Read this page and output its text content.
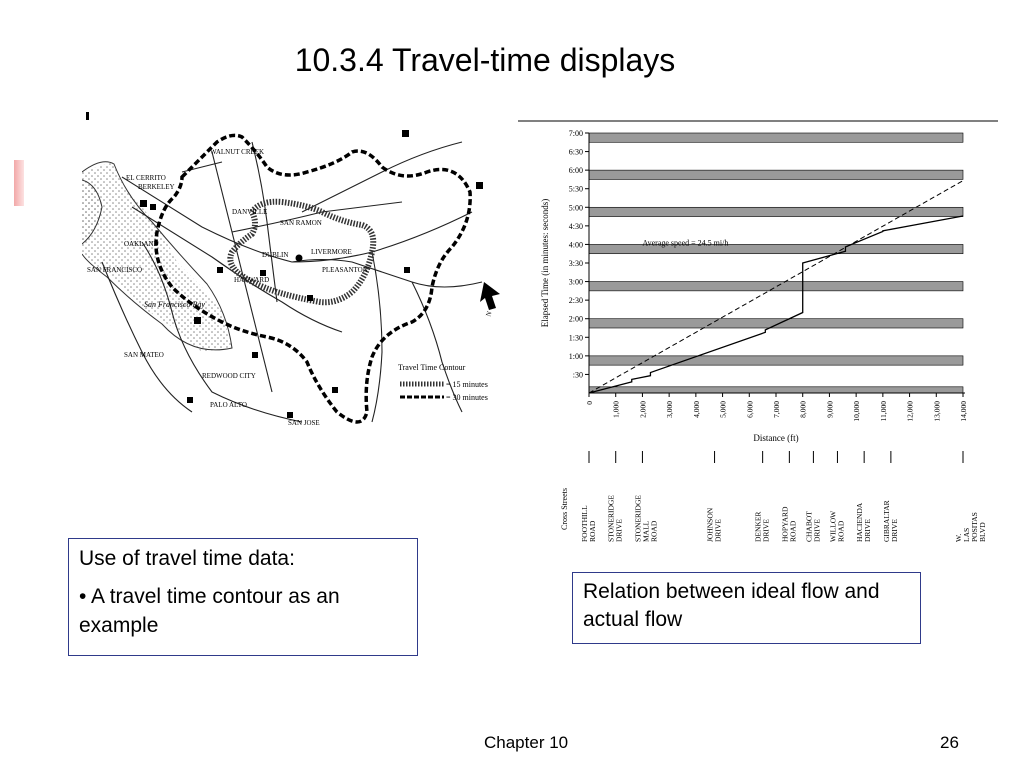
10.3.4 Travel-time displays
WALNUT CREEK
EL CERRITO
BERKELEY
DANVILLE
SAN RAMON
OAKLAND
DUBLIN	LIVERMORE
SAN FRANCISCO	PLEASANTON
HAYWARD
San Francisco Bay
SAN MATEO
REDWOOD CITY
PALO ALTO
SAN JOSE
N
Travel Time Contour
= 15 minutes
= 30 minutes
:30
1:00
1:30
2:00
2:30
3:00
3:30
4:00
4:30
5:00
5:30
6:00
6:30
7:00
0 1,000 2,000 3,000 4,000 5,000 6,000 7,000 8,000 9,000 10,000 11,000 12,000 13,000 14,000
Elapsed Time (in minutes: seconds)
Distance (ft)
Average speed = 24.5 mi/h
Cross Streets FOOTHILL ROAD STONERIDGE DRIVE STONERIDGE MALL ROAD	JOHNSON DRIVE	DENKER DRIVE HOPYARD ROAD CHABOT DRIVE WILLOW ROAD HACIENDA DRIVE GIBRALTAR DRIVE	W. LAS POSITAS BLVD

Use of travel time data:

• A travel time contour as an example

Relation between ideal flow and actual flow
Chapter 10	26
